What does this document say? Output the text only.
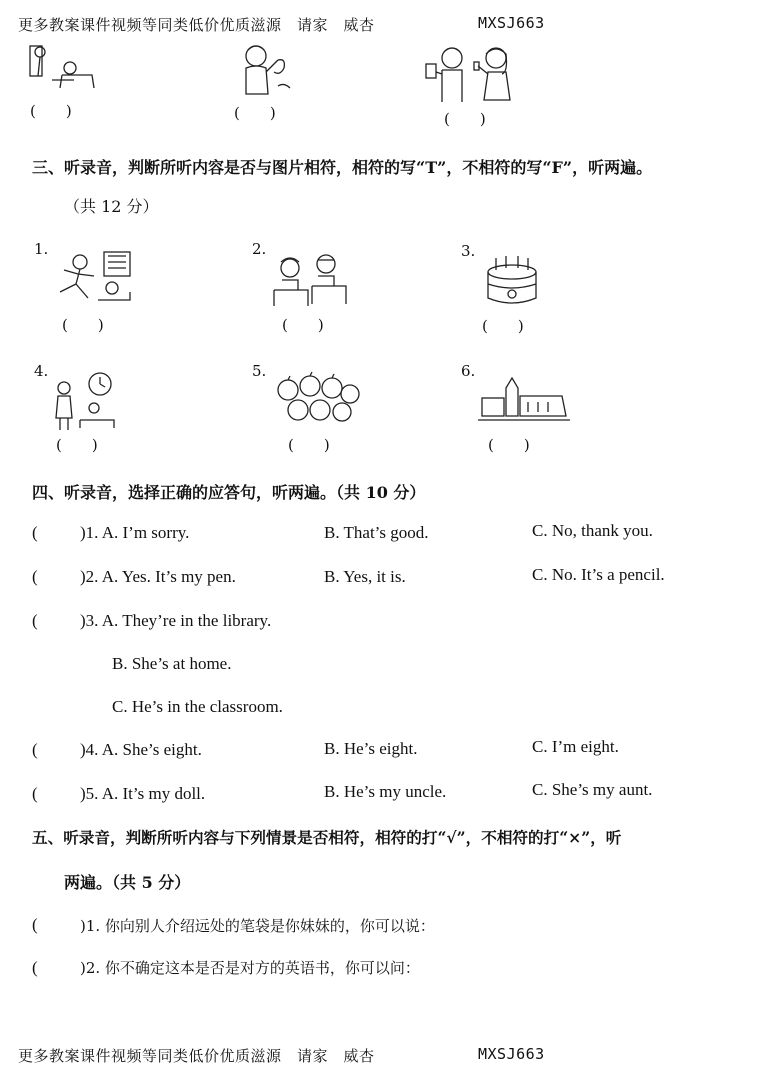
更多教案课件视频等同类低价优质滋源　请家　威杏	MXSJ663
(　　)	(　　)	(　　)
三、听录音，判断所听内容是否与图片相符，相符的写“T”，不相符的写“F”，听两遍。
（共 12 分）
1.	2.	3.
4.	5.	6.
(　　)	(　　)	(　　)
(　　)	(　　)	(　　)
四、听录音，选择正确的应答句，听两遍。（共 10 分）
( )1. A. I’m sorry.	B. That’s good.	C. No, thank you.
( )2. A. Yes. It’s my pen.	B. Yes, it is.	C. No. It’s a pencil.
( )3. A. They’re in the library.
B. She’s at home.
C. He’s in the classroom.
( )4. A. She’s eight.	B. He’s eight.	C. I’m eight.
( )5. A. It’s my doll.	B. He’s my uncle.	C. She’s my aunt.
五、听录音，判断所听内容与下列情景是否相符，相符的打“√”，不相符的打“×”，听
两遍。（共 5 分）
(	)1. 你向别人介绍远处的笔袋是你妹妹的，你可以说：
(	)2. 你不确定这本是否是对方的英语书，你可以问：
更多教案课件视频等同类低价优质滋源　请家　威杏	MXSJ663
